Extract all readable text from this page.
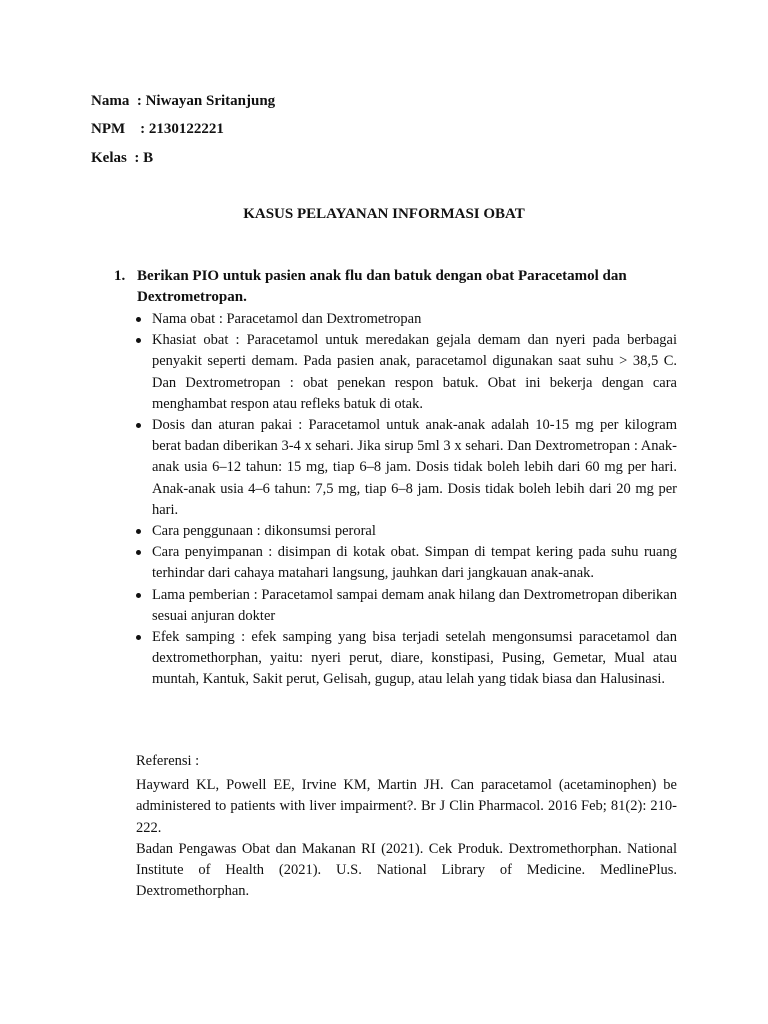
Nama : Niwayan Sritanjung
NPM : 2130122221
Kelas : B
KASUS PELAYANAN INFORMASI OBAT
1. Berikan PIO untuk pasien anak flu dan batuk dengan obat Paracetamol dan Dextrometropan.
Nama obat : Paracetamol dan Dextrometropan
Khasiat obat : Paracetamol untuk meredakan gejala demam dan nyeri pada berbagai penyakit seperti demam. Pada pasien anak, paracetamol digunakan saat suhu > 38,5 C. Dan Dextrometropan : obat penekan respon batuk. Obat ini bekerja dengan cara menghambat respon atau refleks batuk di otak.
Dosis dan aturan pakai : Paracetamol untuk anak-anak adalah 10-15 mg per kilogram berat badan diberikan 3-4 x sehari. Jika sirup 5ml 3 x sehari. Dan Dextrometropan : Anak-anak usia 6–12 tahun: 15 mg, tiap 6–8 jam. Dosis tidak boleh lebih dari 60 mg per hari. Anak-anak usia 4–6 tahun: 7,5 mg, tiap 6–8 jam. Dosis tidak boleh lebih dari 20 mg per hari.
Cara penggunaan : dikonsumsi peroral
Cara penyimpanan : disimpan di kotak obat. Simpan di tempat kering pada suhu ruang terhindar dari cahaya matahari langsung, jauhkan dari jangkauan anak-anak.
Lama pemberian : Paracetamol sampai demam anak hilang dan Dextrometropan diberikan sesuai anjuran dokter
Efek samping : efek samping yang bisa terjadi setelah mengonsumsi paracetamol dan dextromethorphan, yaitu: nyeri perut, diare, konstipasi, Pusing, Gemetar, Mual atau muntah, Kantuk, Sakit perut, Gelisah, gugup, atau lelah yang tidak biasa dan Halusinasi.

Referensi :

Hayward KL, Powell EE, Irvine KM, Martin JH. Can paracetamol (acetaminophen) be administered to patients with liver impairment?. Br J Clin Pharmacol. 2016 Feb; 81(2): 210-222.

Badan Pengawas Obat dan Makanan RI (2021). Cek Produk. Dextromethorphan. National Institute of Health (2021). U.S. National Library of Medicine. MedlinePlus. Dextromethorphan.
